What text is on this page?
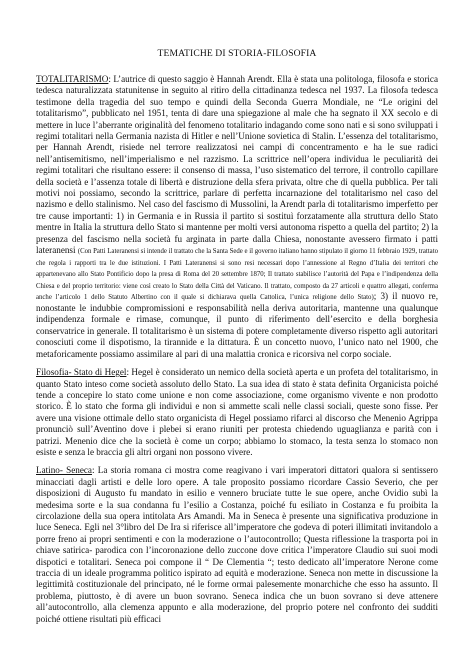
TEMATICHE DI STORIA-FILOSOFIA

TOTALITARISMO: L’autrice di questo saggio è Hannah Arendt. Ella è stata una politologa, filosofa e storica tedesca naturalizzata statunitense in seguito al ritiro della cittadinanza tedesca nel 1937. La filosofa tedesca testimone della tragedia del suo tempo e quindi della Seconda Guerra Mondiale, ne “Le origini del totalitarismo”, pubblicato nel 1951, tenta di dare una spiegazione al male che ha segnato il XX secolo e di mettere in luce l’aberrante originalità del fenomeno totalitario indagando come sono nati e si sono sviluppati i regimi totalitari nella Germania nazista di Hitler e nell’Unione sovietica di Stalin. L’essenza del totalitarismo, per Hannah Arendt, risiede nel terrore realizzatosi nei campi di concentramento e ha le sue radici nell’antisemitismo, nell’imperialismo e nel razzismo. La scrittrice nell’opera individua le peculiarità dei regimi totalitari che risultano essere: il consenso di massa, l’uso sistematico del terrore, il controllo capillare della società e l’assenza totale di libertà e distruzione della sfera privata, oltre che di quella pubblica. Per tali motivi noi possiamo, secondo la scrittrice, parlare di perfetta incarnazione del totalitarismo nel caso del nazismo e dello stalinismo. Nel caso del fascismo di Mussolini, la Arendt parla di totalitarismo imperfetto per tre cause importanti: 1) in Germania e in Russia il partito si sostituì forzatamente alla struttura dello Stato mentre in Italia la struttura dello Stato si mantenne per molti versi autonoma rispetto a quella del partito; 2) la presenza del fascismo nella società fu arginata in parte dalla Chiesa, nonostante avessero firmato i patti lateranensi (Con Patti Lateranensi si intende il trattato che la Santa Sede e il governo italiano hanno stipulato il giorno 11 febbraio 1929, trattato che regola i rapporti tra le due istituzioni. I Patti Lateranensi si sono resi necessari dopo l’annessione al Regno d’Italia dei territori che appartenevano allo Stato Pontificio dopo la presa di Roma del 20 settembre 1870; Il trattato stabilisce l’autorità del Papa e l’indipendenza della Chiesa e del proprio territorio: viene così creato lo Stato della Città del Vaticano. Il trattato, composto da 27 articoli e quattro allegati, conferma anche l’articolo 1 dello Statuto Albertino con il quale si dichiarava quella Cattolica, l’unica religione dello Stato); 3) il nuovo re, nonostante le indubbie compromissioni e responsabilità nella deriva autoritaria, mantenne una qualunque indipendenza formale e rimase, comunque, il punto di riferimento dell’esercito e della borghesia conservatrice in generale. Il totalitarismo è un sistema di potere completamente diverso rispetto agli autoritari conosciuti come il dispotismo, la tirannide e la dittatura. È un concetto nuovo, l’unico nato nel 1900, che metaforicamente possiamo assimilare al pari di una malattia cronica e ricorsiva nel corpo sociale.

Filosofia- Stato di Hegel: Hegel è considerato un nemico della società aperta e un profeta del totalitarismo, in quanto Stato inteso come società assoluto dello Stato. La sua idea di stato è stata definita Organicista poiché tende a concepire lo stato come unione e non come associazione, come organismo vivente e non prodotto storico. È lo stato che forma gli individui e non si ammette scali nelle classi sociali, queste sono fisse. Per avere una visione ottimale dello stato organicista di Hegel possiamo rifarci al discorso che Menenio Agrippa pronunciò sull’Aventino dove i plebei si erano riuniti per protesta chiedendo uguaglianza e parità con i patrizi. Menenio dice che la società è come un corpo; abbiamo lo stomaco, la testa senza lo stomaco non esiste e senza le braccia gli altri organi non possono vivere.

Latino- Seneca: La storia romana ci mostra come reagivano i vari imperatori dittatori qualora si sentissero minacciati dagli artisti e delle loro opere. A tale proposito possiamo ricordare Cassio Severio, che per disposizioni di Augusto fu mandato in esilio e vennero bruciate tutte le sue opere, anche Ovidio subì la medesima sorte e la sua condanna fu l’esilio a Costanza, poiché fu esiliato in Costanza e fu proibita la circolazione della sua opera intitolata Ars Amandi. Ma in Seneca è presente una significativa produzione in luce Seneca. Egli nel 3°libro del De Ira si riferisce all’imperatore che godeva di poteri illimitati invitandolo a porre freno ai propri sentimenti e con la moderazione o l’autocontrollo; Questa riflessione la trasporta poi in chiave satirica- parodica con l’incoronazione dello zuccone dove critica l’imperatore Claudio sui suoi modi dispotici e totalitari. Seneca poi compone il “ De Clementia “; testo dedicato all’imperatore Nerone come traccia di un ideale programma politico ispirato ad equità e moderazione. Seneca non mette in discussione la legittimità costituzionale del principato, né le forme ormai palesemente monarchiche che esso ha assunto. Il problema, piuttosto, è di avere un buon sovrano. Seneca indica che un buon sovrano si deve attenere all’autocontrollo, alla clemenza appunto e alla moderazione, del proprio potere nel confronto dei sudditi poiché ottiene risultati più efficaci
